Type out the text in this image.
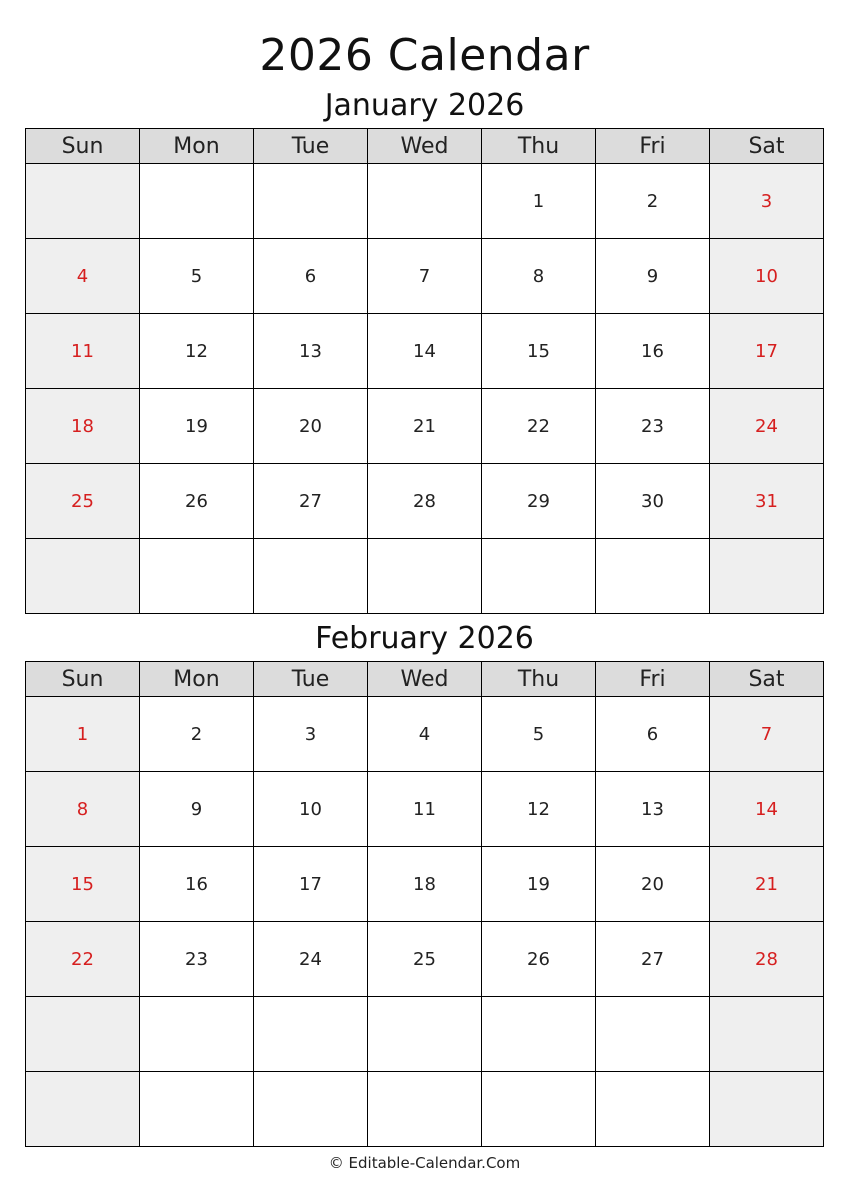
2026 Calendar
January 2026
Sun	Mon	Tue	Wed	Thu	Fri	Sat
				1	2	3
4	5	6	7	8	9	10
11	12	13	14	15	16	17
18	19	20	21	22	23	24
25	26	27	28	29	30	31

February 2026
Sun	Mon	Tue	Wed	Thu	Fri	Sat
1	2	3	4	5	6	7
8	9	10	11	12	13	14
15	16	17	18	19	20	21
22	23	24	25	26	27	28

© Editable-Calendar.Com
